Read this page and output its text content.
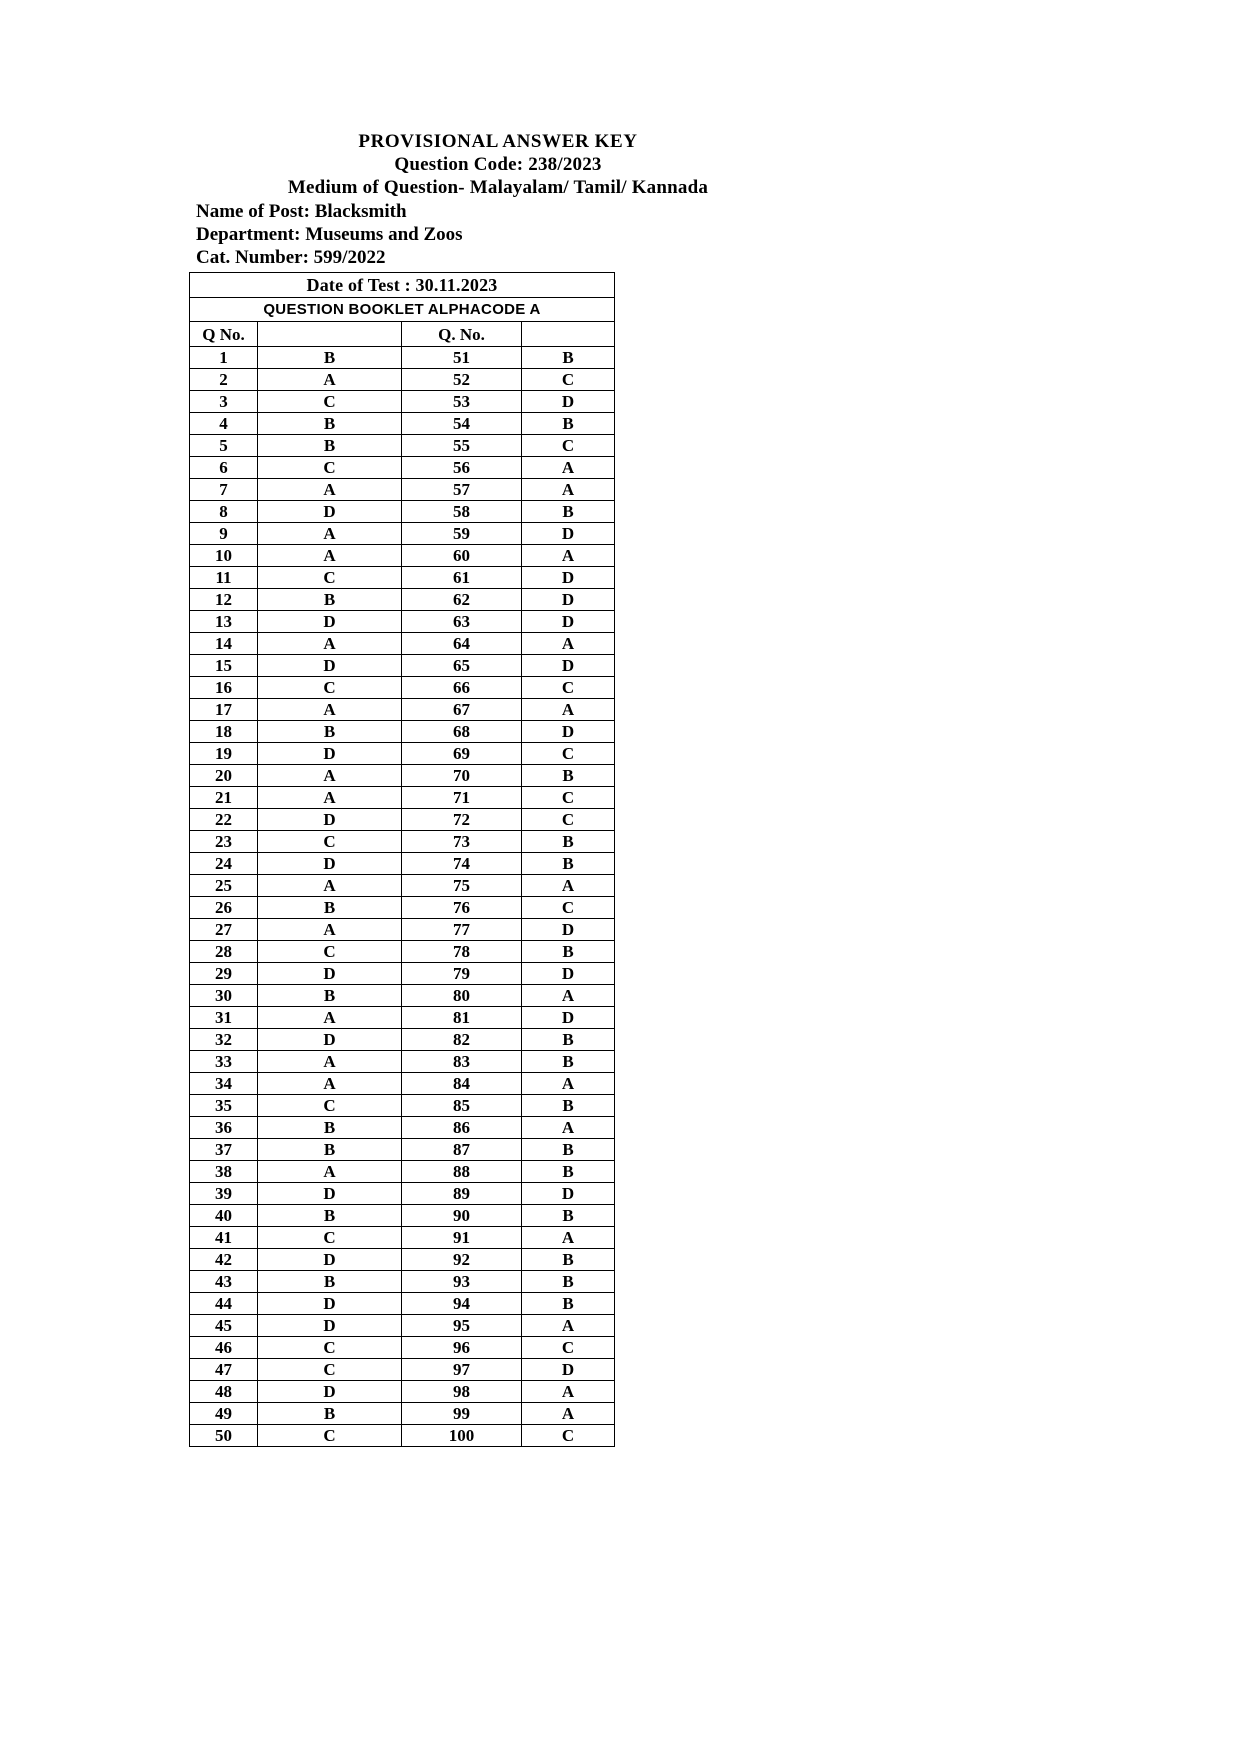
PROVISIONAL ANSWER KEY
Question Code: 238/2023
Medium of Question- Malayalam/ Tamil/ Kannada
Name of Post: Blacksmith
Department: Museums and Zoos
Cat. Number: 599/2022
Date of Test : 30.11.2023			
QUESTION BOOKLET ALPHACODE A			
Q No.		Q. No.	
1	B	51	B
2	A	52	C
3	C	53	D
4	B	54	B
5	B	55	C
6	C	56	A
7	A	57	A
8	D	58	B
9	A	59	D
10	A	60	A
11	C	61	D
12	B	62	D
13	D	63	D
14	A	64	A
15	D	65	D
16	C	66	C
17	A	67	A
18	B	68	D
19	D	69	C
20	A	70	B
21	A	71	C
22	D	72	C
23	C	73	B
24	D	74	B
25	A	75	A
26	B	76	C
27	A	77	D
28	C	78	B
29	D	79	D
30	B	80	A
31	A	81	D
32	D	82	B
33	A	83	B
34	A	84	A
35	C	85	B
36	B	86	A
37	B	87	B
38	A	88	B
39	D	89	D
40	B	90	B
41	C	91	A
42	D	92	B
43	B	93	B
44	D	94	B
45	D	95	A
46	C	96	C
47	C	97	D
48	D	98	A
49	B	99	A
50	C	100	C
